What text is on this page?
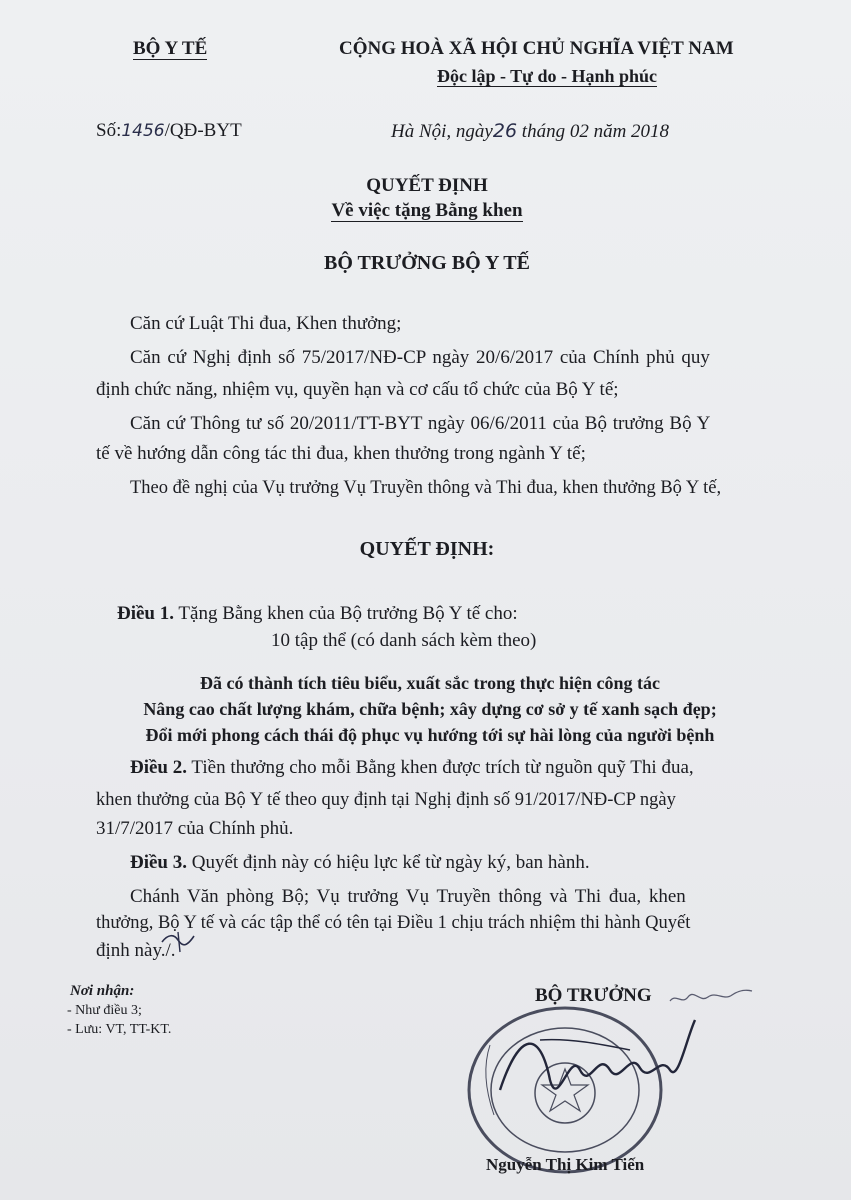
BỘ Y TẾ	CỘNG HOÀ XÃ HỘI CHỦ NGHĨA VIỆT NAM
Độc lập - Tự do - Hạnh phúc
Số:1456/QĐ-BYT	Hà Nội, ngày26 tháng 02 năm 2018
QUYẾT ĐỊNH
Về việc tặng Bằng khen
BỘ TRƯỞNG BỘ Y TẾ
Căn cứ Luật Thi đua, Khen thưởng;
Căn cứ Nghị định số 75/2017/NĐ-CP ngày 20/6/2017 của Chính phủ quy
định chức năng, nhiệm vụ, quyền hạn và cơ cấu tổ chức của Bộ Y tế;
Căn cứ Thông tư số 20/2011/TT-BYT ngày 06/6/2011 của Bộ trưởng Bộ Y
tế về hướng dẫn công tác thi đua, khen thưởng trong ngành Y tế;
Theo đề nghị của Vụ trưởng Vụ Truyền thông và Thi đua, khen thưởng Bộ Y tế,
QUYẾT ĐỊNH:
Điều 1. Tặng Bằng khen của Bộ trưởng Bộ Y tế cho:
10 tập thể (có danh sách kèm theo)
Đã có thành tích tiêu biểu, xuất sắc trong thực hiện công tác
Nâng cao chất lượng khám, chữa bệnh; xây dựng cơ sở y tế xanh sạch đẹp;
Đổi mới phong cách thái độ phục vụ hướng tới sự hài lòng của người bệnh
Điều 2. Tiền thưởng cho mỗi Bằng khen được trích từ nguồn quỹ Thi đua,
khen thưởng của Bộ Y tế theo quy định tại Nghị định số 91/2017/NĐ-CP ngày
31/7/2017 của Chính phủ.
Điều 3. Quyết định này có hiệu lực kể từ ngày ký, ban hành.
Chánh Văn phòng Bộ; Vụ trưởng Vụ Truyền thông và Thi đua, khen
thưởng, Bộ Y tế và các tập thể có tên tại Điều 1 chịu trách nhiệm thi hành Quyết
định này./.
Nơi nhận:
- Như điều 3;
- Lưu: VT, TT-KT.
BỘ TRƯỞNG
Nguyễn Thị Kim Tiến
